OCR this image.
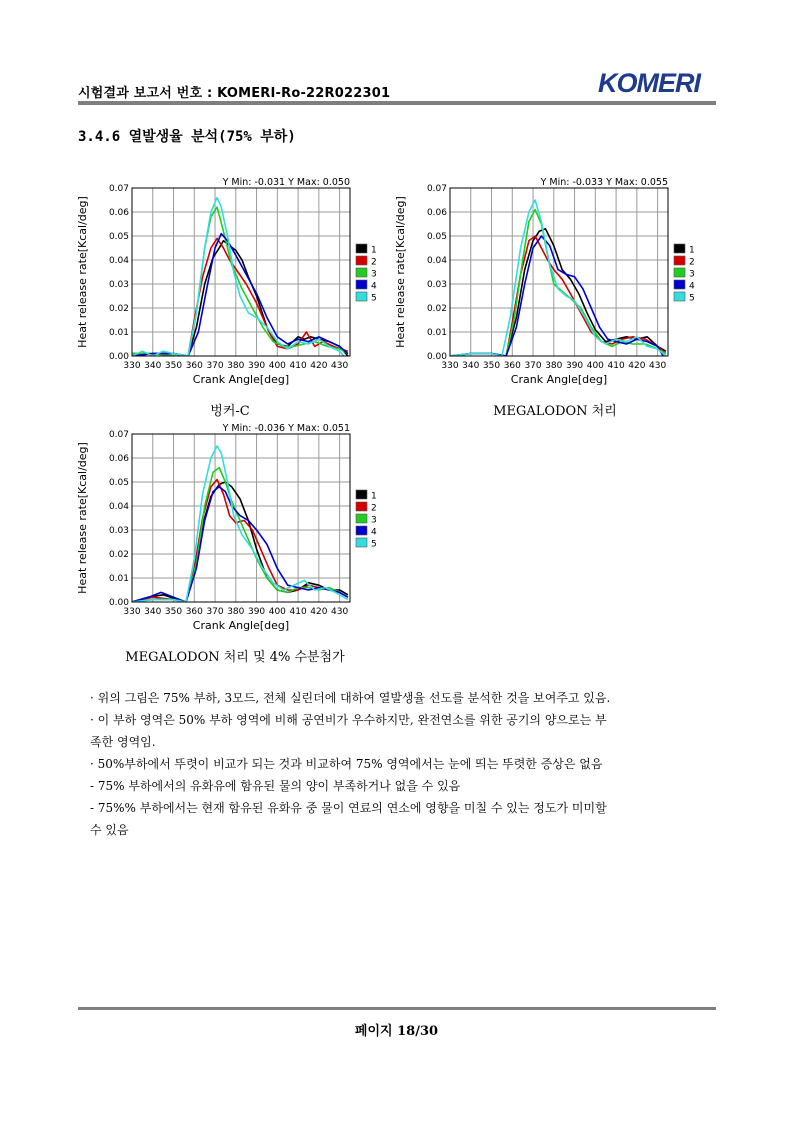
시험결과 보고서 번호 : KOMERI-Ro-22R022301	KOMERI
3.4.6 열발생율 분석(75% 부하)
330 340 350 360 370 380 390 400 410 420 430
0.00
0.01
0.02
0.03
0.04
0.05
0.06
0.07
Y Min: -0.031 Y Max: 0.050
Crank Angle[deg]
Heat release rate[Kcal/deg]	1
2
3
4
5
330 340 350 360 370 380 390 400 410 420 430
0.00
0.01
0.02
0.03
0.04
0.05
0.06
0.07
Y Min: -0.033 Y Max: 0.055
Crank Angle[deg]
Heat release rate[Kcal/deg]	1
2
3
4
5
330 340 350 360 370 380 390 400 410 420 430
0.00
0.01
0.02
0.03
0.04
0.05
0.06
0.07
Y Min: -0.036 Y Max: 0.051
Crank Angle[deg]
Heat release rate[Kcal/deg]	1
2
3
4
5
벙커-C	MEGALODON 처리
MEGALODON 처리 및 4% 수분첨가

· 위의 그림은 75% 부하, 3모드, 전체 실린더에 대하여 열발생율 선도를 분석한 것을 보여주고 있음.

· 이 부하 영역은 50% 부하 영역에 비해 공연비가 우수하지만, 완전연소를 위한 공기의 양으로는 부

족한 영역임.

· 50%부하에서 뚜렷이 비교가 되는 것과 비교하여 75% 영역에서는 눈에 띄는 뚜렷한 증상은 없음

- 75% 부하에서의 유화유에 함유된 물의 양이 부족하거나 없을 수 있음

- 75%% 부하에서는 현재 함유된 유화유 중 물이 연료의 연소에 영향을 미칠 수 있는 정도가 미미할

수 있음

페이지 18/30
